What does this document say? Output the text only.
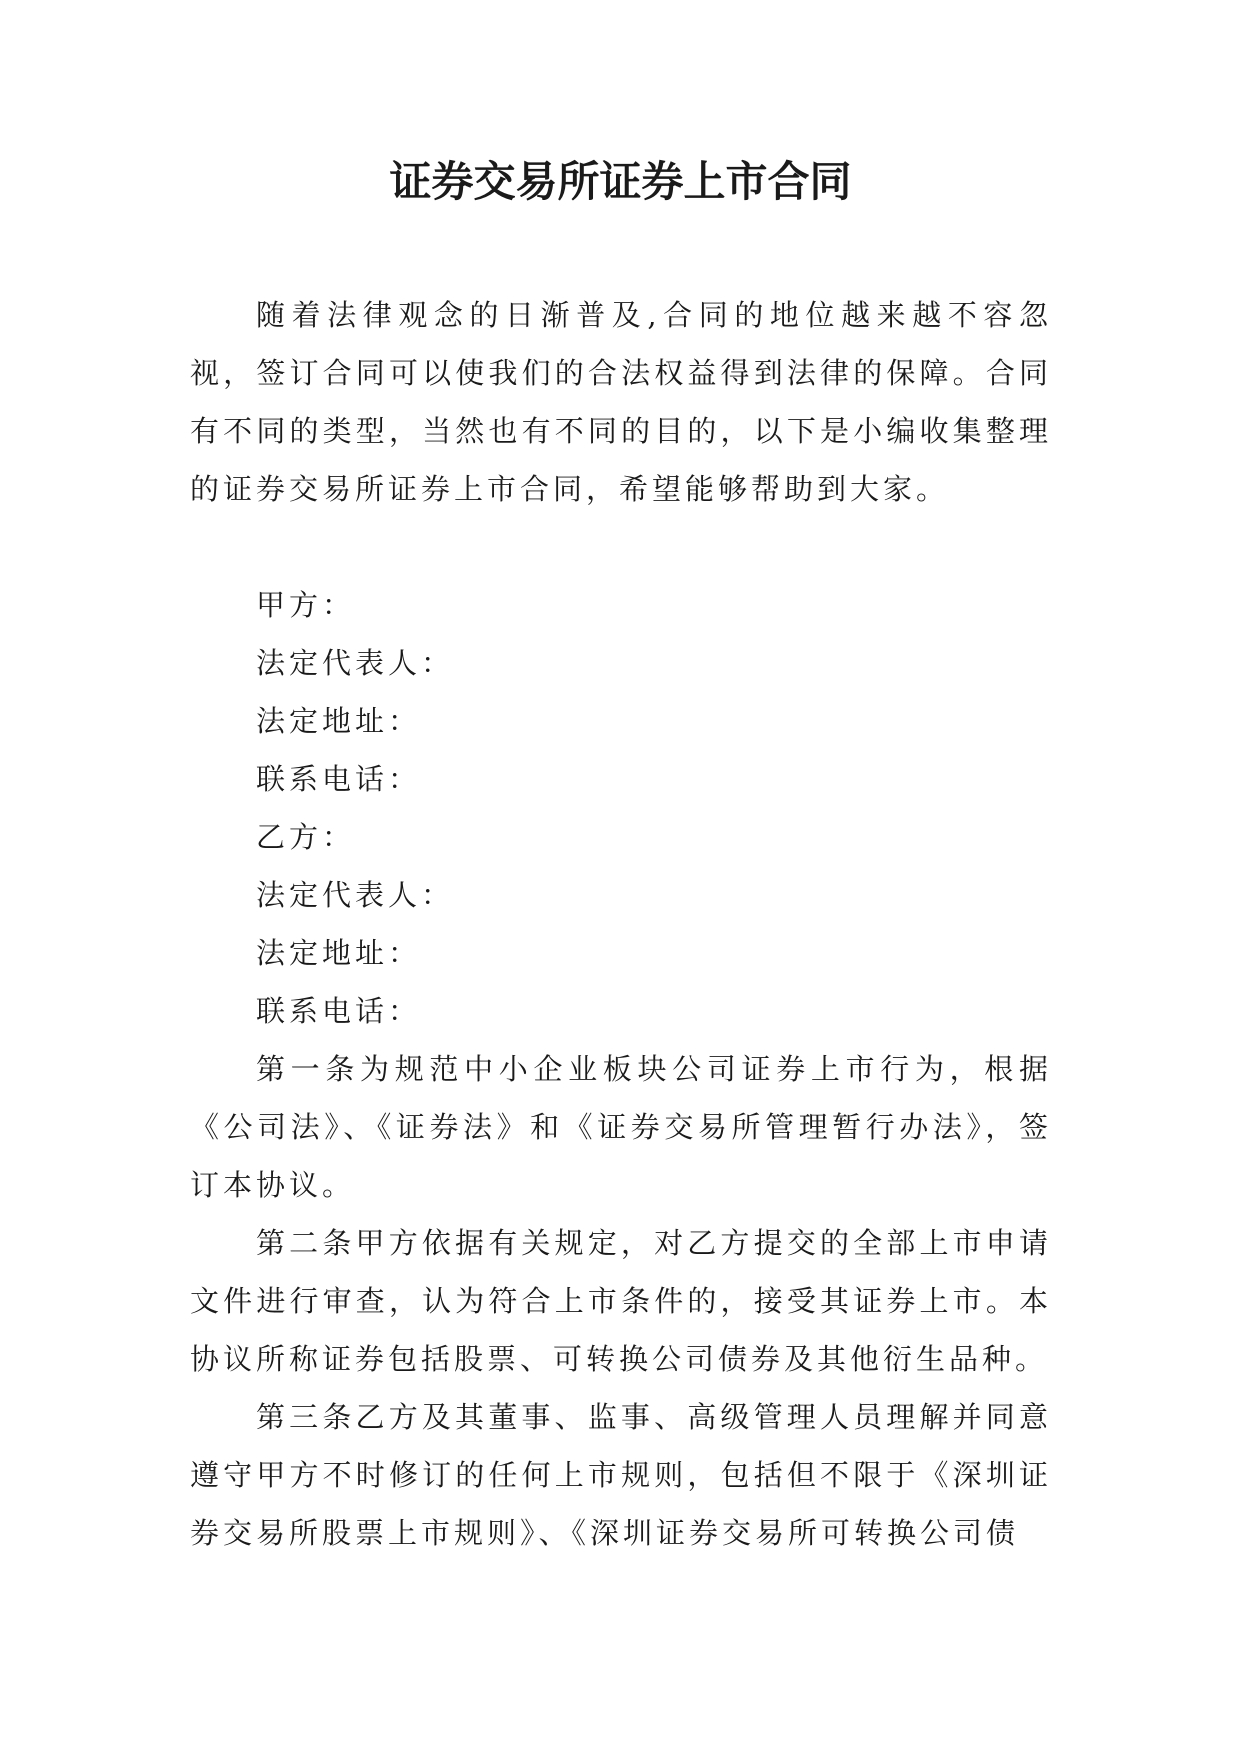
证券交易所证券上市合同

随着法律观念的日渐普及,合同的地位越来越不容忽视，签订合同可以使我们的合法权益得到法律的保障。合同有不同的类型，当然也有不同的目的，以下是小编收集整理的证券交易所证券上市合同，希望能够帮助到大家。

甲方：

法定代表人：

法定地址：

联系电话：

乙方：

法定代表人：

法定地址：

联系电话：

第一条为规范中小企业板块公司证券上市行为，根据《公司法》、《证券法》和《证券交易所管理暂行办法》，签订本协议。

第二条甲方依据有关规定，对乙方提交的全部上市申请文件进行审查，认为符合上市条件的，接受其证券上市。本协议所称证券包括股票、可转换公司债券及其他衍生品种。

第三条乙方及其董事、监事、高级管理人员理解并同意遵守甲方不时修订的任何上市规则，包括但不限于《深圳证券交易所股票上市规则》、《深圳证券交易所可转换公司债
